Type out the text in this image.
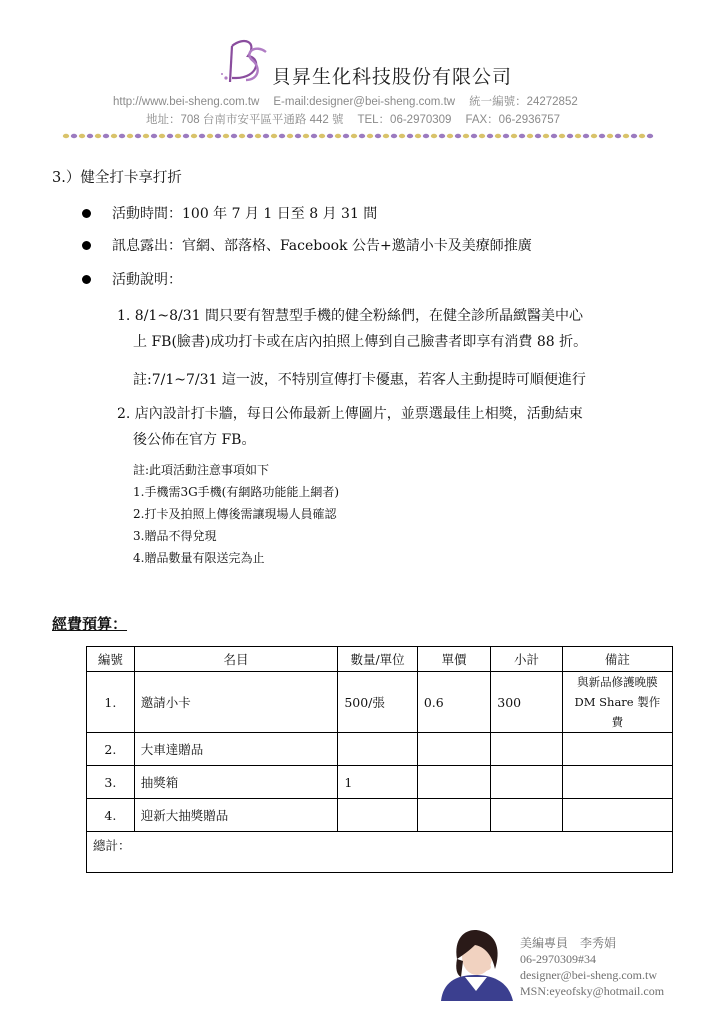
貝昇生化科技股份有限公司
http://www.bei-sheng.com.tw E-mail:designer@bei-sheng.com.tw 統一編號：24272852
地址：708 台南市安平區平通路 442 號 TEL：06-2970309 FAX：06-2936757
3.）健全打卡享打折
活動時間：100 年 7 月 1 日至 8 月 31 間
訊息露出：官網、部落格、Facebook 公告+邀請小卡及美療師推廣
活動說明：
1. 8/1~8/31 間只要有智慧型手機的健全粉絲們，在健全診所晶緻醫美中心
上 FB(臉書)成功打卡或在店內拍照上傳到自己臉書者即享有消費 88 折。
註:7/1~7/31 這一波，不特別宣傳打卡優惠，若客人主動提時可順便進行
2. 店內設計打卡牆，每日公佈最新上傳圖片，並票選最佳上相獎，活動結束
後公佈在官方 FB。
註:此項活動注意事項如下
1.手機需3G手機(有網路功能能上網者)
2.打卡及拍照上傳後需讓現場人員確認
3.贈品不得兌現
4.贈品數量有限送完為止
經費預算：
編號	名目	數量/單位	單價	小計	備註
1.	邀請小卡	500/張	0.6	300	與新品修護晚膜
DM Share 製作費

2.	大車達贈品				
3.	抽獎箱	1			
4.	迎新大抽獎贈品				
總計：					
美編專員　李秀娟
06-2970309#34
designer@bei-sheng.com.tw
MSN:eyeofsky@hotmail.com
